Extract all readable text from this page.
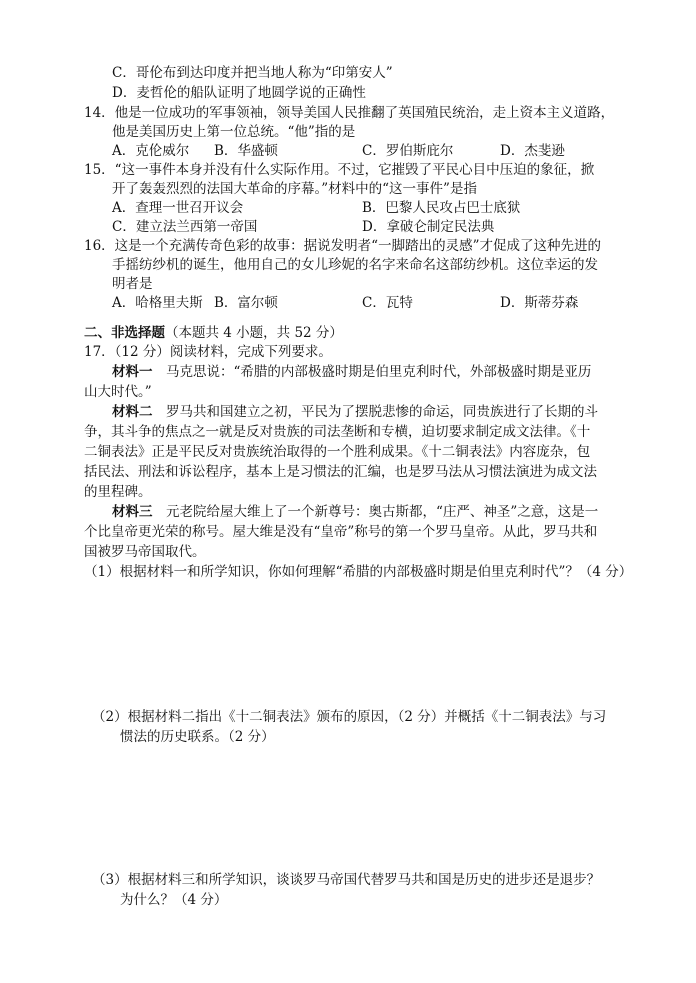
C．哥伦布到达印度并把当地人称为“印第安人”
D．麦哲伦的船队证明了地圆学说的正确性
14．他是一位成功的军事领袖，领导美国人民推翻了英国殖民统治，走上资本主义道路，
他是美国历史上第一位总统。“他”指的是
A．克伦威尔 B．华盛顿	C．罗伯斯庇尔	D．杰斐逊
15．“这一事件本身并没有什么实际作用。不过，它摧毁了平民心目中压迫的象征，掀
开了轰轰烈烈的法国大革命的序幕。”材料中的“这一事件”是指
A．查理一世召开议会	B．巴黎人民攻占巴士底狱
C．建立法兰西第一帝国	D．拿破仑制定民法典
16．这是一个充满传奇色彩的故事：据说发明者“一脚踏出的灵感”才促成了这种先进的
手摇纺纱机的诞生，他用自己的女儿珍妮的名字来命名这部纺纱机。这位幸运的发
明者是
A．哈格里夫斯 B．富尔顿	C．瓦特	D．斯蒂芬森
二、非选择题（本题共 4 小题，共 52 分）
17．（12 分）阅读材料，完成下列要求。
材料一　马克思说：“希腊的内部极盛时期是伯里克利时代，外部极盛时期是亚历
山大时代。”
材料二　罗马共和国建立之初，平民为了摆脱悲惨的命运，同贵族进行了长期的斗
争，其斗争的焦点之一就是反对贵族的司法垄断和专横，迫切要求制定成文法律。《十
二铜表法》正是平民反对贵族统治取得的一个胜利成果。《十二铜表法》内容庞杂，包
括民法、刑法和诉讼程序，基本上是习惯法的汇编，也是罗马法从习惯法演进为成文法
的里程碑。
材料三　元老院给屋大维上了一个新尊号：奥古斯都，“庄严、神圣”之意，这是一
个比皇帝更光荣的称号。屋大维是没有“皇帝”称号的第一个罗马皇帝。从此，罗马共和
国被罗马帝国取代。
（1）根据材料一和所学知识，你如何理解“希腊的内部极盛时期是伯里克利时代”？（4 分）
（2）根据材料二指出《十二铜表法》颁布的原因，（2 分）并概括《十二铜表法》与习
惯法的历史联系。（2 分）
（3）根据材料三和所学知识，谈谈罗马帝国代替罗马共和国是历史的进步还是退步？
为什么？（4 分）
